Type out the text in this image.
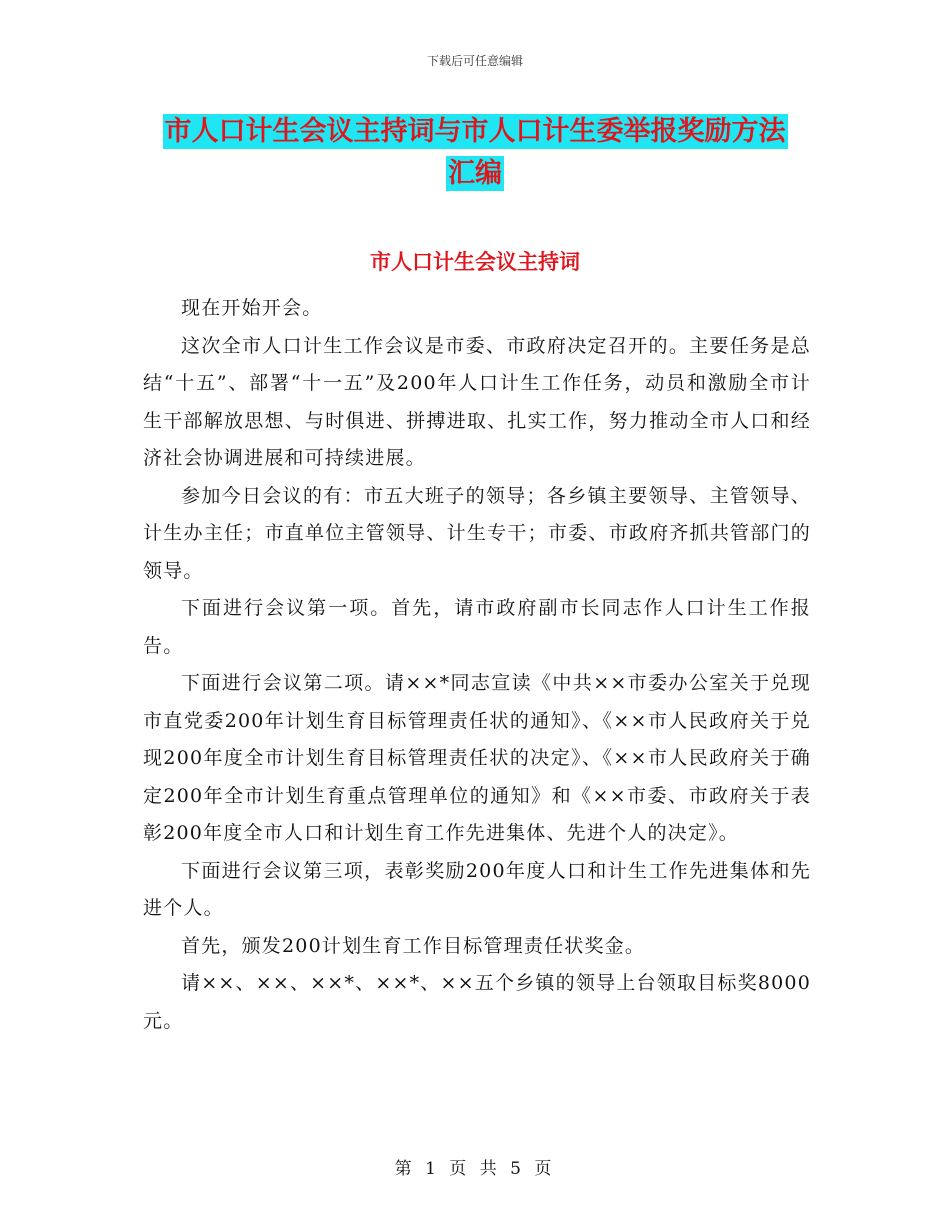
下载后可任意编辑
市人口计生会议主持词与市人口计生委举报奖励方法
汇编
市人口计生会议主持词

现在开始开会。

这次全市人口计生工作会议是市委、市政府决定召开的。主要任务是总结“十五”、部署“十一五”及200年人口计生工作任务，动员和激励全市计生干部解放思想、与时俱进、拼搏进取、扎实工作，努力推动全市人口和经济社会协调进展和可持续进展。

参加今日会议的有：市五大班子的领导；各乡镇主要领导、主管领导、计生办主任；市直单位主管领导、计生专干；市委、市政府齐抓共管部门的领导。

下面进行会议第一项。首先，请市政府副市长同志作人口计生工作报告。

下面进行会议第二项。请××*同志宣读《中共××市委办公室关于兑现市直党委200年计划生育目标管理责任状的通知》、《××市人民政府关于兑现200年度全市计划生育目标管理责任状的决定》、《××市人民政府关于确定200年全市计划生育重点管理单位的通知》和《××市委、市政府关于表彰200年度全市人口和计划生育工作先进集体、先进个人的决定》。

下面进行会议第三项，表彰奖励200年度人口和计生工作先进集体和先进个人。

首先，颁发200计划生育工作目标管理责任状奖金。

请××、××、××*、××*、××五个乡镇的领导上台领取目标奖8000元。

第 1 页 共 5 页
